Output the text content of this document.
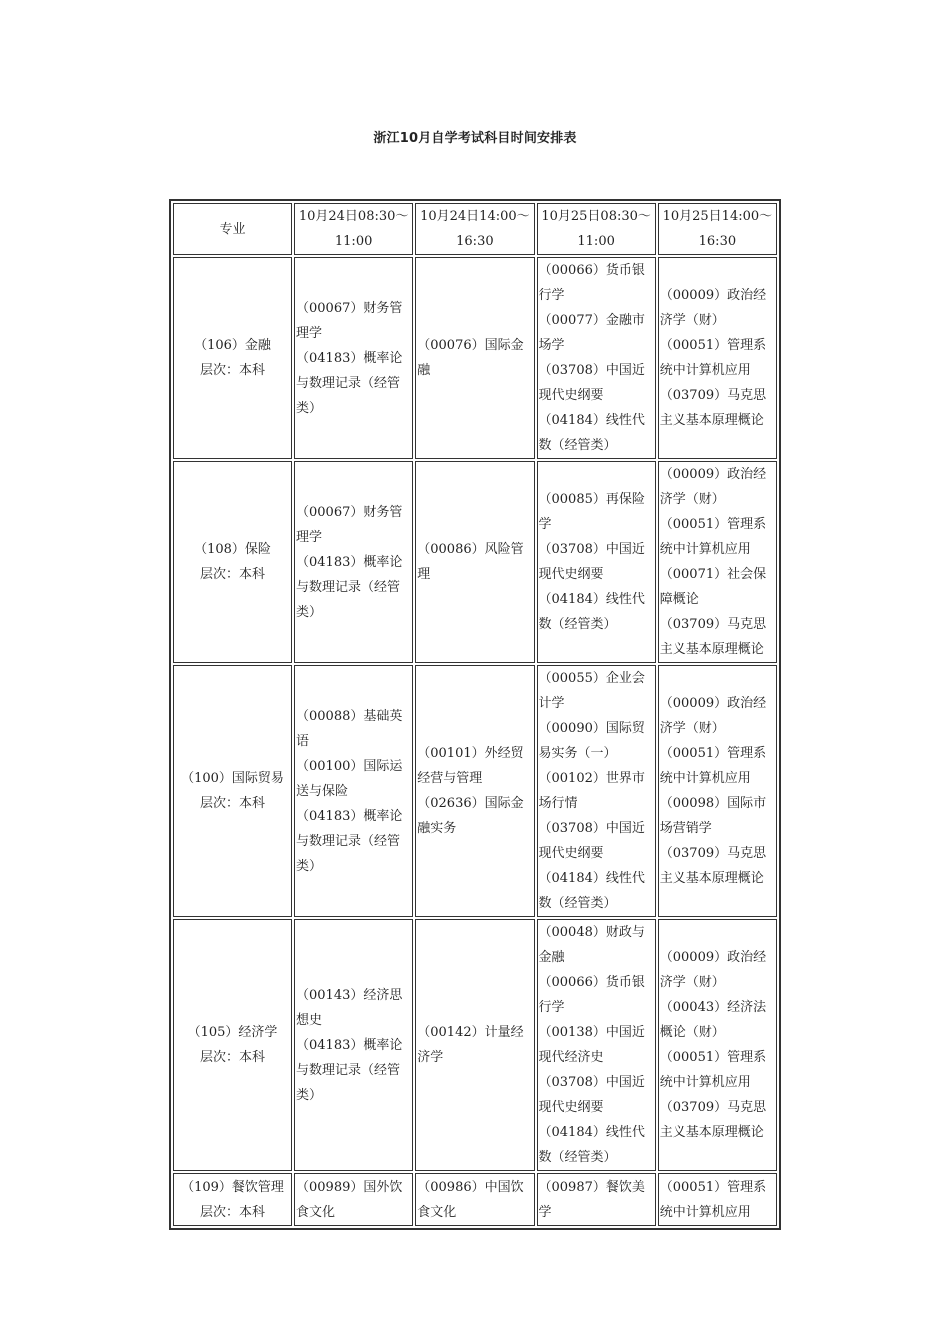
浙江10月自学考试科目时间安排表
专业	10月24日08:30～11:00	10月24日14:00～16:30	10月25日08:30～11:00	10月25日14:00～16:30

（106）金融
层次：本科	（00067）财务管理学
（04183）概率论与数理记录（经管类）	（00076）国际金融	（00066）货币银行学
（00077）金融市场学
（03708）中国近现代史纲要
（04184）线性代数（经管类）	（00009）政治经济学（财）
（00051）管理系统中计算机应用
（03709）马克思主义基本原理概论

（108）保险
层次：本科	（00067）财务管理学
（04183）概率论与数理记录（经管类）	（00086）风险管理	（00085）再保险学
（03708）中国近现代史纲要
（04184）线性代数（经管类）	（00009）政治经济学（财）
（00051）管理系统中计算机应用
（00071）社会保障概论
（03709）马克思主义基本原理概论

（100）国际贸易
层次：本科	（00088）基础英语
（00100）国际运送与保险
（04183）概率论与数理记录（经管类）	（00101）外经贸经营与管理
（02636）国际金融实务	（00055）企业会计学
（00090）国际贸易实务（一）
（00102）世界市场行情
（03708）中国近现代史纲要
（04184）线性代数（经管类）	（00009）政治经济学（财）
（00051）管理系统中计算机应用
（00098）国际市场营销学
（03709）马克思主义基本原理概论

（105）经济学
层次：本科	（00143）经济思想史
（04183）概率论与数理记录（经管类）	（00142）计量经济学	（00048）财政与金融
（00066）货币银行学
（00138）中国近现代经济史
（03708）中国近现代史纲要
（04184）线性代数（经管类）	（00009）政治经济学（财）
（00043）经济法概论（财）
（00051）管理系统中计算机应用
（03709）马克思主义基本原理概论

（109）餐饮管理
层次：本科	（00989）国外饮食文化	（00986）中国饮食文化	（00987）餐饮美学	（00051）管理系统中计算机应用
